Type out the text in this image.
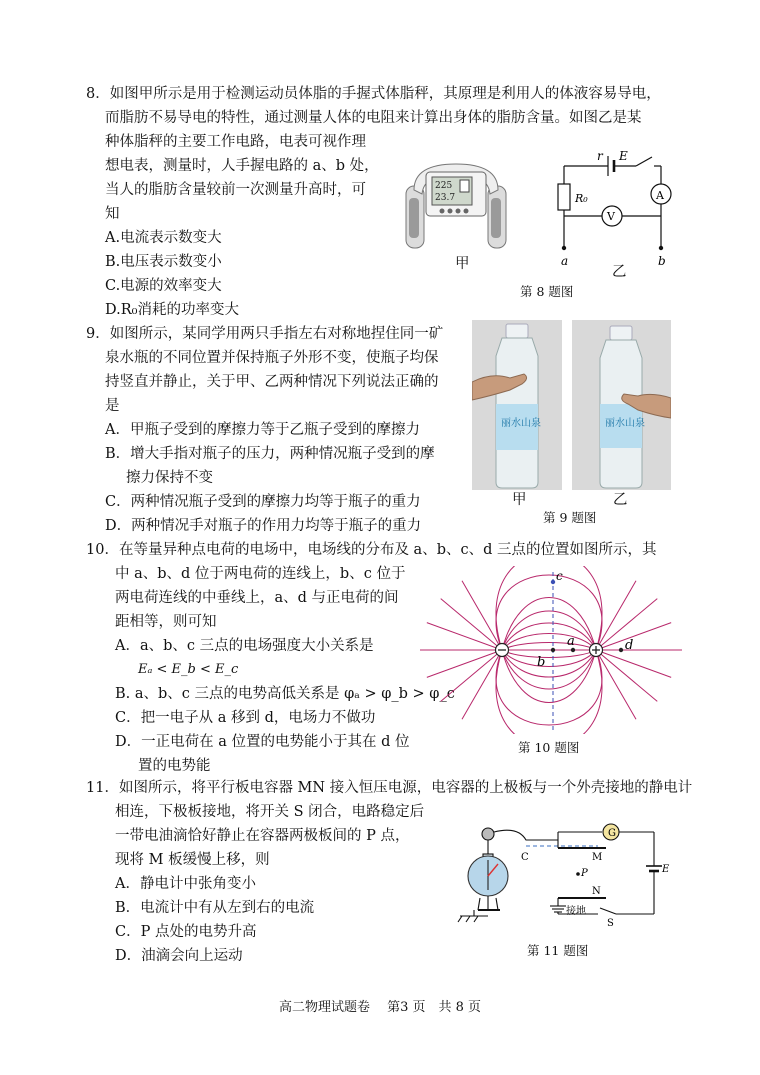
8．如图甲所示是用于检测运动员体脂的手握式体脂秤，其原理是利用人的体液容易导电，
而脂肪不易导电的特性，通过测量人体的电阻来计算出身体的脂肪含量。如图乙是某
种体脂秤的主要工作电路，电表可视作理
想电表，测量时，人手握电路的 a、b 处，
当人的脂肪含量较前一次测量升高时，可
知
A.电流表示数变大
B.电压表示数变小
C.电源的效率变大
D.R₀消耗的功率变大
225
23.7
甲
r E
R₀	A
V
a	b
乙
第 8 题图
9．如图所示，某同学用两只手指左右对称地捏住同一矿
泉水瓶的不同位置并保持瓶子外形不变，使瓶子均保
持竖直并静止，关于甲、乙两种情况下列说法正确的
是
A．甲瓶子受到的摩擦力等于乙瓶子受到的摩擦力
B．增大手指对瓶子的压力，两种情况瓶子受到的摩
擦力保持不变
C．两种情况瓶子受到的摩擦力均等于瓶子的重力
D．两种情况手对瓶子的作用力均等于瓶子的重力
丽水山泉	丽水山泉
甲	乙
第 9 题图
10．在等量异种点电荷的电场中，电场线的分布及 a、b、c、d 三点的位置如图所示，其
中 a、b、d 位于两电荷的连线上，b、c 位于
两电荷连线的中垂线上，a、d 与正电荷的间
距相等，则可知
A．a、b、c 三点的电场强度大小关系是
Eₐ < E_b < E_c
B. a、b、c 三点的电势高低关系是 φₐ > φ_b > φ_c
C．把一电子从 a 移到 d，电场力不做功
D．一正电荷在 a 位置的电势能小于其在 d 位
置的电势能
c
b
a	d
第 10 题图
11．如图所示，将平行板电容器 MN 接入恒压电源，电容器的上极板与一个外壳接地的静电计
相连，下极板接地，将开关 S 闭合，电路稳定后
一带电油滴恰好静止在容器两极板间的 P 点，
现将 M 板缓慢上移，则
A．静电计中张角变小
B．电流计中有从左到右的电流
C．P 点处的电势升高
D．油滴会向上运动
G
C	M
P
N
E
S
接地
第 11 题图
高二物理试题卷　 第3 页　共 8 页
